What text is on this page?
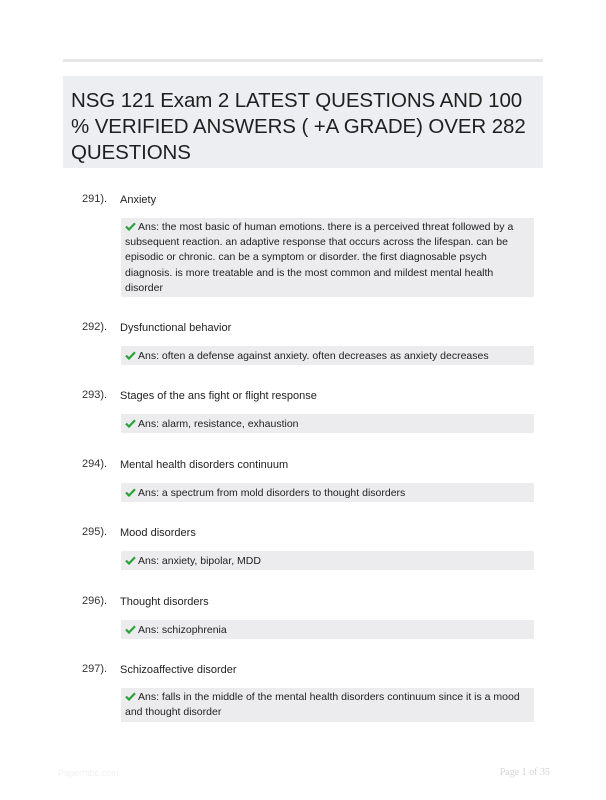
NSG 121 Exam 2 LATEST QUESTIONS AND 100 % VERIFIED ANSWERS ( +A GRADE) OVER 282 QUESTIONS
291). Anxiety
Ans: the most basic of human emotions. there is a perceived threat followed by a subsequent reaction. an adaptive response that occurs across the lifespan. can be episodic or chronic. can be a symptom or disorder. the first diagnosable psych diagnosis. is more treatable and is the most common and mildest mental health disorder
292). Dysfunctional behavior
Ans: often a defense against anxiety. often decreases as anxiety decreases
293). Stages of the ans fight or flight response
Ans: alarm, resistance, exhaustion
294). Mental health disorders continuum
Ans: a spectrum from mold disorders to thought disorders
295). Mood disorders
Ans: anxiety, bipolar, MDD
296). Thought disorders
Ans: schizophrenia
297). Schizoaffective disorder
Ans: falls in the middle of the mental health disorders continuum since it is a mood and thought disorder
Paperhtbc.com	Page 1 of 35
